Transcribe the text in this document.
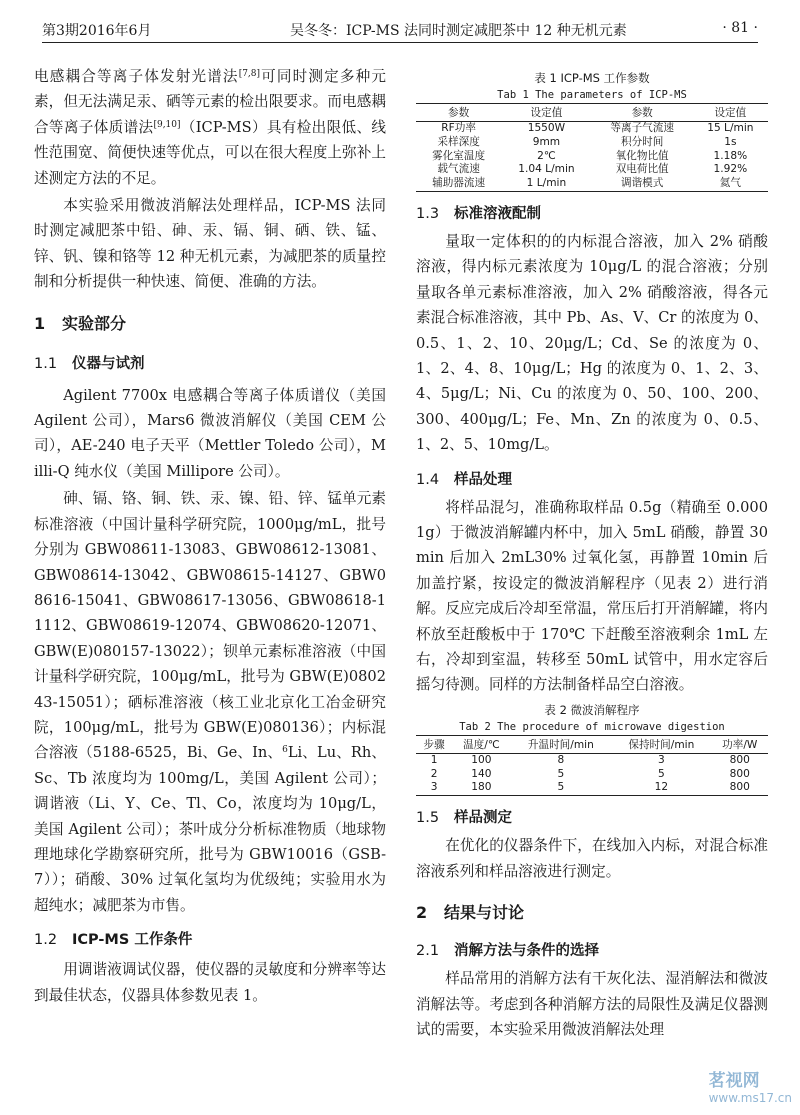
第3期2016年6月	吴冬冬：ICP-MS 法同时测定减肥茶中 12 种无机元素	· 81 ·

电感耦合等离子体发射光谱法[7,8]可同时测定多种元素，但无法满足汞、硒等元素的检出限要求。而电感耦合等离子体质谱法[9,10]（ICP-MS）具有检出限低、线性范围宽、简便快速等优点，可以在很大程度上弥补上述测定方法的不足。

本实验采用微波消解法处理样品，ICP-MS 法同时测定减肥茶中铅、砷、汞、镉、铜、硒、铁、锰、锌、钒、镍和铬等 12 种无机元素，为减肥茶的质量控制和分析提供一种快速、简便、准确的方法。

1 实验部分
1.1 仪器与试剂

Agilent 7700x 电感耦合等离子体质谱仪（美国 Agilent 公司），Mars6 微波消解仪（美国 CEM 公司），AE-240 电子天平（Mettler Toledo 公司），Milli-Q 纯水仪（美国 Millipore 公司）。

砷、镉、铬、铜、铁、汞、镍、铅、锌、锰单元素标准溶液（中国计量科学研究院，1000μg/mL，批号分别为 GBW08611-13083、GBW08612-13081、GBW08614-13042、GBW08615-14127、GBW08616-15041、GBW08617-13056、GBW08618-11112、GBW08619-12074、GBW08620-12071、GBW(E)080157-13022）；钡单元素标准溶液（中国计量科学研究院，100μg/mL，批号为 GBW(E)080243-15051）；硒标准溶液（核工业北京化工冶金研究院，100μg/mL，批号为 GBW(E)080136）；内标混合溶液（5188-6525，Bi、Ge、In、$^6$Li、Lu、Rh、Sc、Tb 浓度均为 100mg/L，美国 Agilent 公司）；调谐液（Li、Y、Ce、Tl、Co，浓度均为 10μg/L，美国 Agilent 公司）；茶叶成分分析标准物质（地球物理地球化学勘察研究所，批号为 GBW10016（GSB-7））；硝酸、30% 过氧化氢均为优级纯；实验用水为超纯水；减肥茶为市售。

1.2 ICP-MS 工作条件

用调谐液调试仪器，使仪器的灵敏度和分辨率等达到最佳状态，仪器具体参数见表 1。

表 1 ICP-MS 工作参数

Tab 1 The parameters of ICP-MS

参数	设定值	参数	设定值
RF功率	1550W	等离子气流速	15 L/min
采样深度	9mm	积分时间	1s
雾化室温度	2℃	氧化物比值	1.18%
载气流速	1.04 L/min	双电荷比值	1.92%
辅助器流速	1 L/min	调谐模式	氦气
1.3 标准溶液配制

量取一定体积的的内标混合溶液，加入 2% 硝酸溶液，得内标元素浓度为 10μg/L 的混合溶液；分别量取各单元素标准溶液，加入 2% 硝酸溶液，得各元素混合标准溶液，其中 Pb、As、V、Cr 的浓度为 0、0.5、1、2、10、20μg/L；Cd、Se 的浓度为 0、1、2、4、8、10μg/L；Hg 的浓度为 0、1、2、3、4、5μg/L；Ni、Cu 的浓度为 0、50、100、200、300、400μg/L；Fe、Mn、Zn 的浓度为 0、0.5、1、2、5、10mg/L。

1.4 样品处理

将样品混匀，准确称取样品 0.5g（精确至 0.0001g）于微波消解罐内杯中，加入 5mL 硝酸，静置 30min 后加入 2mL30% 过氧化氢，再静置 10min 后加盖拧紧，按设定的微波消解程序（见表 2）进行消解。反应完成后冷却至常温，常压后打开消解罐，将内杯放至赶酸板中于 170℃ 下赶酸至溶液剩余 1mL 左右，冷却到室温，转移至 50mL 试管中，用水定容后摇匀待测。同样的方法制备样品空白溶液。

表 2 微波消解程序

Tab 2 The procedure of microwave digestion

步骤	温度/℃	升温时间/min	保持时间/min	功率/W
1	100	8	3	800
2	140	5	5	800
3	180	5	12	800
1.5 样品测定

在优化的仪器条件下，在线加入内标，对混合标准溶液系列和样品溶液进行测定。

2 结果与讨论
2.1 消解方法与条件的选择

样品常用的消解方法有干灰化法、湿消解法和微波消解法等。考虑到各种消解方法的局限性及满足仪器测试的需要，本实验采用微波消解法处理

茗视网
www.ms17.cn
